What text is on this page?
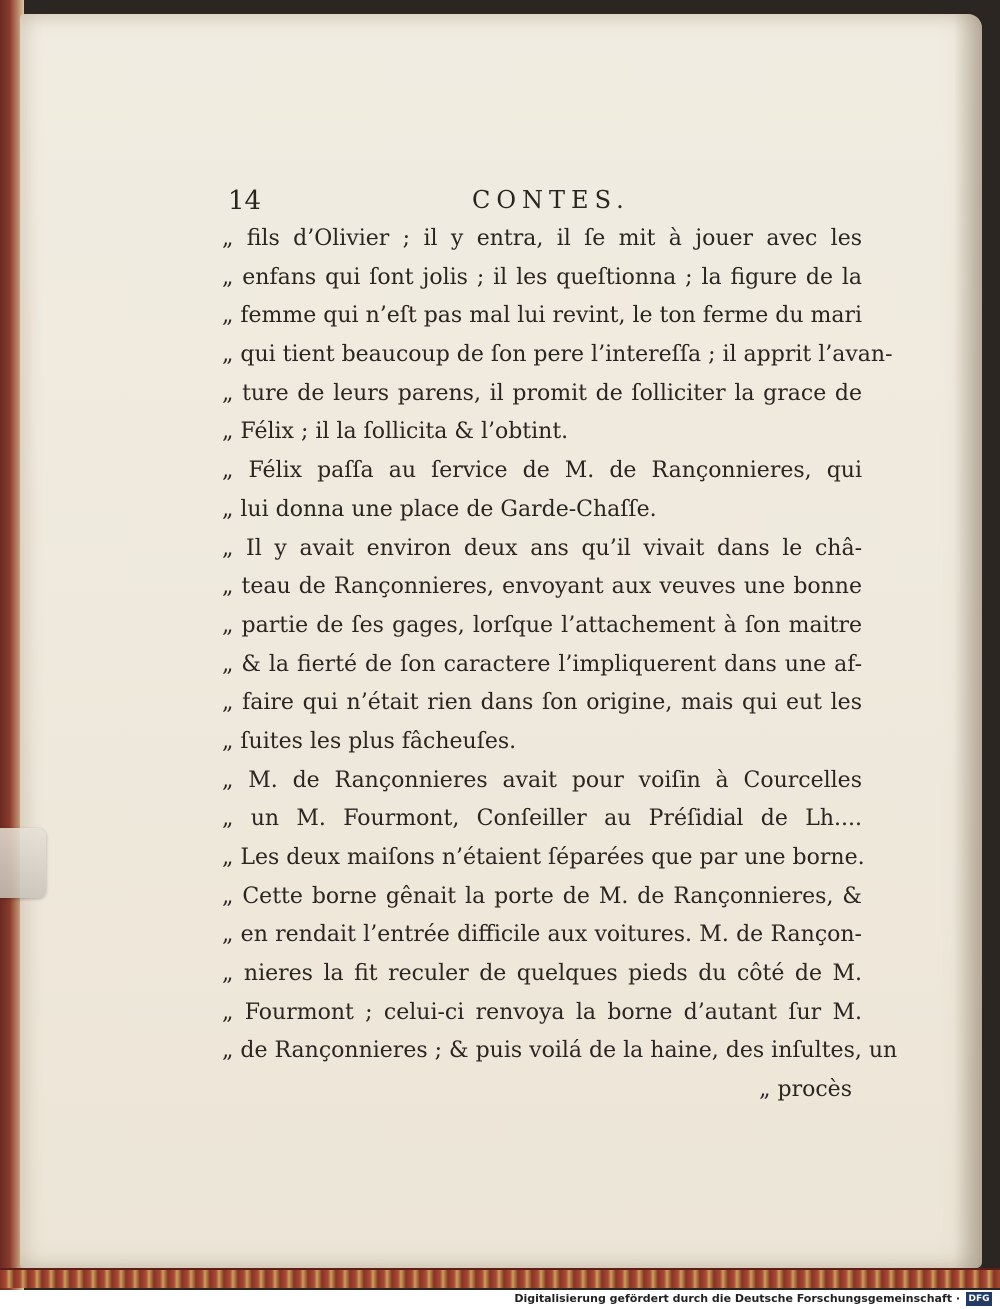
14	CONTES.
„ fils d’Olivier ; il y entra, il ſe mit à jouer avec les
„ enfans qui ſont jolis ; il les queſtionna ; la figure de la
„ femme qui n’eſt pas mal lui revint, le ton ferme du mari
„ qui tient beaucoup de ſon pere l’intereſſa ; il apprit l’avan-
„ ture de leurs parens, il promit de ſolliciter la grace de
„ Félix ; il la ſollicita & l’obtint.
„ Félix paſſa au ſervice de M. de Rançonnieres, qui
„ lui donna une place de Garde-Chaſſe.
„ Il y avait environ deux ans qu’il vivait dans le châ-
„ teau de Rançonnieres, envoyant aux veuves une bonne
„ partie de ſes gages, lorſque l’attachement à ſon maitre
„ & la fierté de ſon caractere l’impliquerent dans une af-
„ faire qui n’était rien dans ſon origine, mais qui eut les
„ ſuites les plus fâcheuſes.
„ M. de Rançonnieres avait pour voiſin à Courcelles
„ un M. Fourmont, Conſeiller au Préſidial de Lh....
„ Les deux maiſons n’étaient ſéparées que par une borne.
„ Cette borne gênait la porte de M. de Rançonnieres, &
„ en rendait l’entrée difficile aux voitures. M. de Rançon-
„ nieres la fit reculer de quelques pieds du côté de M.
„ Fourmont ; celui-ci renvoya la borne d’autant ſur M.
„ de Rançonnieres ; & puis voilá de la haine, des inſultes, un
„ procès
Digitalisierung gefördert durch die Deutsche Forschungsgemeinschaft · DFG
